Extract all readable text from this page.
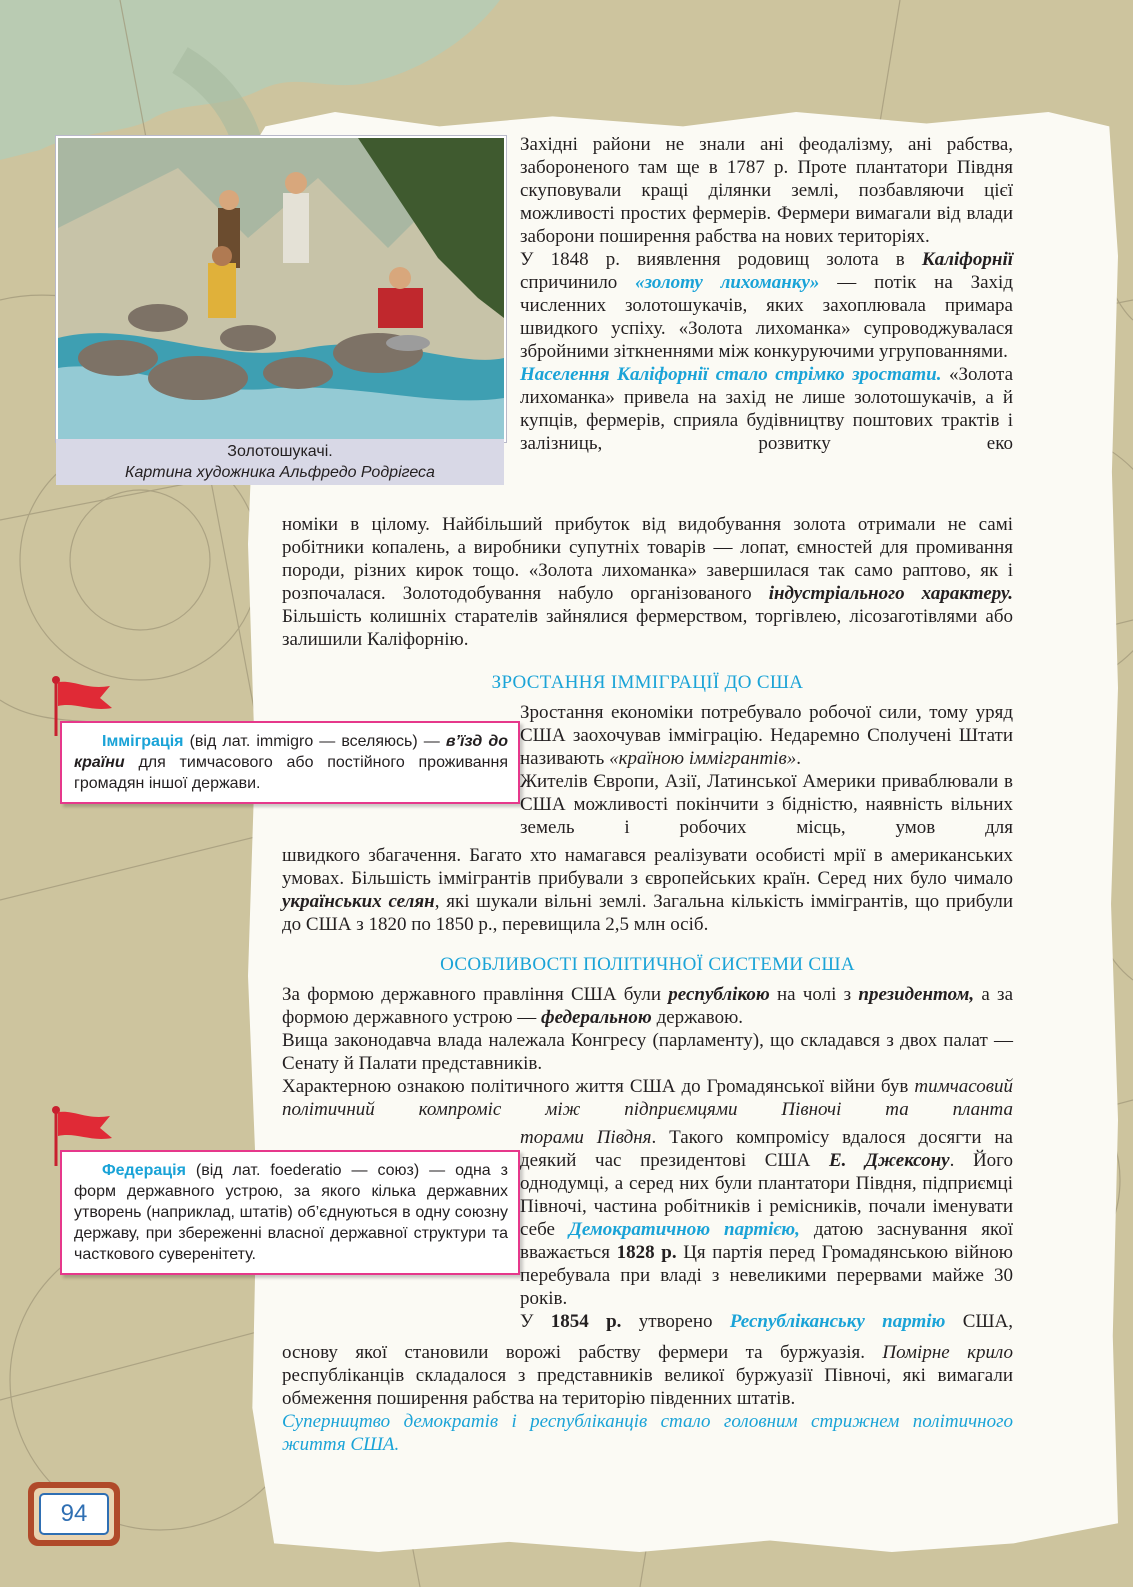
Золотошукачі.
Картина художника Альфредо Родрігеса

Західні райони не знали ані феодалізму, ані рабства, забороненого там ще в 1787 р. Проте плантатори Півдня скуповували кращі ділянки землі, позбавляючи цієї можливості простих фермерів. Фермери вимагали від влади заборони поширення рабства на нових територіях.

У 1848 р. виявлення родовищ золота в Каліфорнії спричинило «золоту лихоманку» — потік на Захід численних золотошукачів, яких захоплювала примара швидкого успіху. «Золота лихоманка» супроводжувалася збройними зіткненнями між конкуруючими угрупованнями.

Населення Каліфорнії стало стрімко зростати. «Золота лихоманка» привела на захід не лише золотошукачів, а й купців, фермерів, сприяла будівництву поштових трактів і залізниць, розвитку еко

номіки в цілому. Найбільший прибуток від видобування золота отримали не самі робітники копалень, а виробники супутніх товарів — лопат, ємностей для промивання породи, різних кирок тощо. «Золота лихоманка» завершилася так само раптово, як і розпочалася. Золотодобування набуло організованого індустріального характеру. Більшість колишніх старателів зайнялися фермерством, торгівлею, лісозаготівлями або залишили Каліфорнію.

ЗРОСТАННЯ ІММІГРАЦІЇ ДО США

Зростання економіки потребувало робочої сили, тому уряд США заохочував імміграцію. Недаремно Сполучені Штати називають «країною іммігрантів».

Жителів Європи, Азії, Латинської Америки приваблювали в США можливості покінчити з бідністю, наявність вільних земель і робочих місць, умов для

швидкого збагачення. Багато хто намагався реалізувати особисті мрії в американських умовах. Більшість іммігрантів прибували з європейських країн. Серед них було чимало українських селян, які шукали вільні землі. Загальна кількість іммігрантів, що прибули до США з 1820 по 1850 р., перевищила 2,5 млн осіб.

Імміграція (від лат. immigro — вселяюсь) — в’їзд до країни для тимчасового або постійного проживання громадян іншої держави.
ОСОБЛИВОСТІ ПОЛІТИЧНОЇ СИСТЕМИ США

За формою державного правління США були республікою на чолі з президентом, а за формою державного устрою — федеральною державою.

Вища законодавча влада належала Конгресу (парламенту), що складався з двох палат — Сенату й Палати представників.

Характерною ознакою політичного життя США до Громадянської війни був тимчасовий політичний компроміс між підприємцями Півночі та планта

торами Півдня. Такого компромісу вдалося досягти на деякий час президентові США Е. Джексону. Його однодумці, а серед них були плантатори Півдня, підприємці Півночі, частина робітників і ремісників, почали іменувати себе Демократичною партією, датою заснування якої вважається 1828 р. Ця партія перед Громадянською війною перебувала при владі з невеликими перервами майже 30 років.

У 1854 р. утворено Республіканську партію США,

основу якої становили ворожі рабству фермери та буржуазія. Помірне крило республіканців складалося з представників великої буржуазії Півночі, які вимагали обмеження поширення рабства на територію південних штатів.

Суперництво демократів і республіканців стало головним стрижнем політичного життя США.

Федерація (від лат. foederatio — союз) — одна з форм державного устрою, за якого кілька державних утворень (наприклад, штатів) об’єднуються в одну союзну державу, при збереженні власної державної структури та часткового суверенітету.
94
